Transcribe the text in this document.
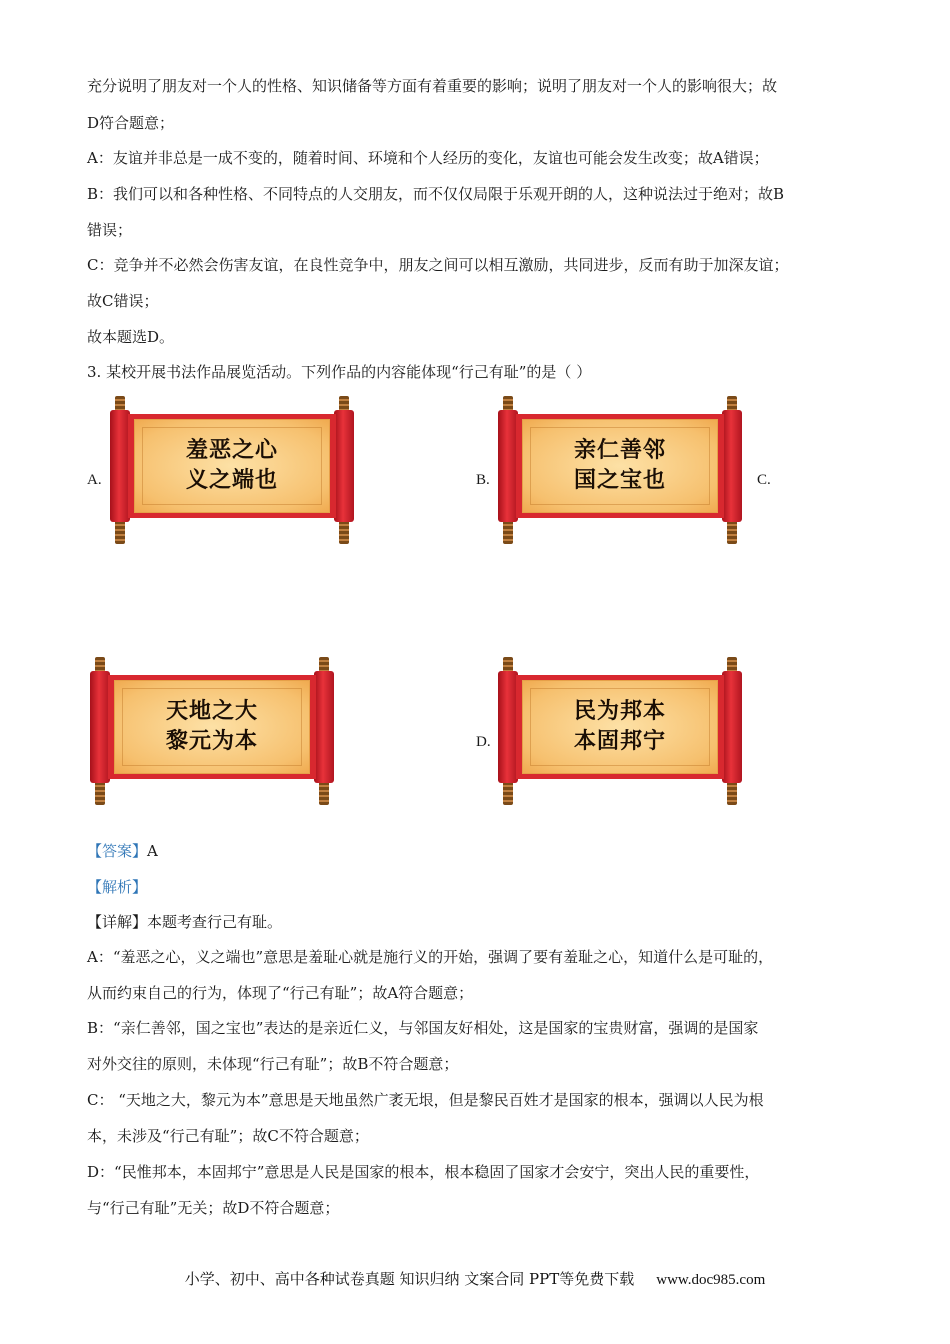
充分说明了朋友对一个人的性格、知识储备等方面有着重要的影响；说明了朋友对一个人的影响很大；故
D符合题意；
A：友谊并非总是一成不变的，随着时间、环境和个人经历的变化，友谊也可能会发生改变；故A错误；
B：我们可以和各种性格、不同特点的人交朋友，而不仅仅局限于乐观开朗的人，这种说法过于绝对；故B
错误；
C：竞争并不必然会伤害友谊，在良性竞争中，朋友之间可以相互激励，共同进步，反而有助于加深友谊；
故C错误；
故本题选D。
3. 某校开展书法作品展览活动。下列作品的内容能体现“行己有耻”的是（ ）
A.
羞恶之心
义之端也	B.
亲仁善邻
国之宝也	C.
天地之大
黎元为本	D.
民为邦本
本固邦宁
【答案】A
【解析】
【详解】本题考查行己有耻。
A：“羞恶之心，义之端也”意思是羞耻心就是施行义的开始，强调了要有羞耻之心，知道什么是可耻的，
从而约束自己的行为，体现了“行己有耻”；故A符合题意；
B：“亲仁善邻，国之宝也”表达的是亲近仁义，与邻国友好相处，这是国家的宝贵财富，强调的是国家
对外交往的原则，未体现“行己有耻”；故B不符合题意；
C： “天地之大，黎元为本”意思是天地虽然广袤无垠，但是黎民百姓才是国家的根本，强调以人民为根
本，未涉及“行己有耻”；故C不符合题意；
D：“民惟邦本，本固邦宁”意思是人民是国家的根本，根本稳固了国家才会安宁，突出人民的重要性，
与“行己有耻”无关；故D不符合题意；
小学、初中、高中各种试卷真题 知识归纳 文案合同 PPT等免费下载 www.doc985.com
